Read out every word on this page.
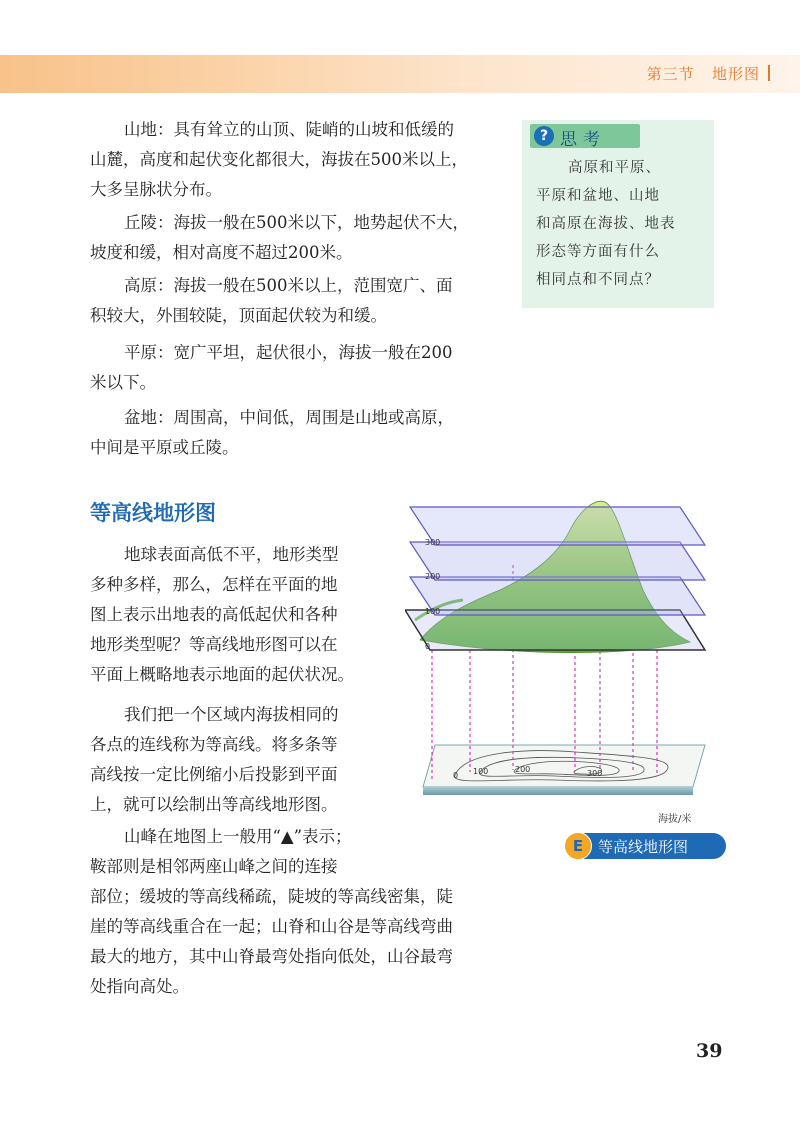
第三节 地形图

山地：具有耸立的山顶、陡峭的山坡和低缓的
山麓，高度和起伏变化都很大，海拔在500米以上，
大多呈脉状分布。

丘陵：海拔一般在500米以下，地势起伏不大，
坡度和缓，相对高度不超过200米。

高原：海拔一般在500米以上，范围宽广、面
积较大，外围较陡，顶面起伏较为和缓。

平原：宽广平坦，起伏很小，海拔一般在200
米以下。

盆地：周围高，中间低，周围是山地或高原，
中间是平原或丘陵。

? 思考

高原和平原、
平原和盆地、山地
和高原在海拔、地表
形态等方面有什么
相同点和不同点？

等高线地形图

地球表面高低不平，地形类型
多种多样，那么，怎样在平面的地
图上表示出地表的高低起伏和各种
地形类型呢？等高线地形图可以在
平面上概略地表示地面的起伏状况。

我们把一个区域内海拔相同的
各点的连线称为等高线。将多条等
高线按一定比例缩小后投影到平面
上，就可以绘制出等高线地形图。

山峰在地图上一般用“▲”表示；
鞍部则是相邻两座山峰之间的连接
部位；缓坡的等高线稀疏，陡坡的等高线密集，陡
崖的等高线重合在一起；山脊和山谷是等高线弯曲
最大的地方，其中山脊最弯处指向低处，山谷最弯
处指向高处。

0 100	200	300
300
200
100
0
海拔/米
E 等高线地形图
39
